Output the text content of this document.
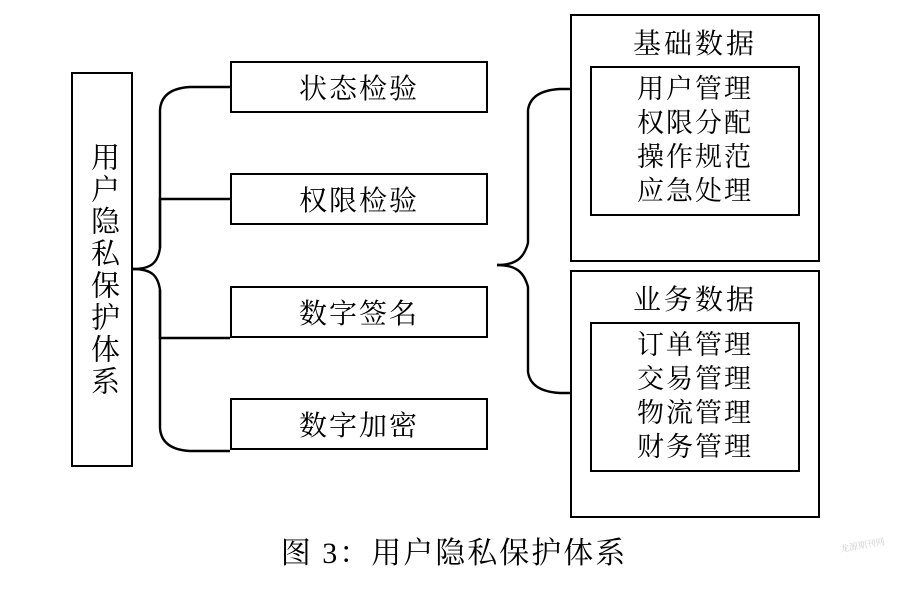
用户隐私保护体系
状态检验
权限检验
数字签名
数字加密
基础数据
用户管理
权限分配
操作规范
应急处理
业务数据
订单管理
交易管理
物流管理
财务管理
图 3：用户隐私保护体系	龙源期刊网
